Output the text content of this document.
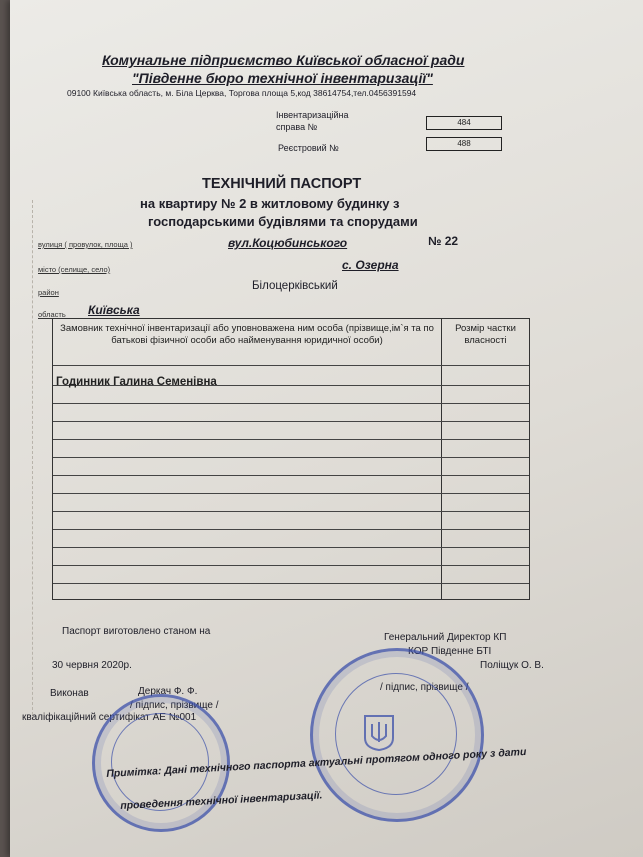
Комунальне підприємство Київської обласної ради
"Південне бюро технічної інвентаризації"
09100 Київська область, м. Біла Церква, Торгова площа 5,код 38614754,тел.0456391594
Інвентаризаційна
справа №	484
Реєстровий №	488
ТЕХНІЧНИЙ ПАСПОРТ
на квартиру № 2 в житловому будинку з
господарськими будівлями та спорудами
вулиця ( провулок, площа )	вул.Коцюбинського	№ 22
місто (селище, село)	с. Озерна
район
Білоцерківський
область Київська
Замовник технічної інвентаризації або уповноважена ним особа (прізвище,ім`я та по батькові фізичної особи або найменування юридичної особи)
Розмір частки власності
Годинник Галина Семенівна
Паспорт виготовлено станом на
30 червня 2020р.
Генеральний Директор КП
КОР Південне БТІ
Поліщук О. В.
/ підпис, прізвище /
Виконав	Деркач Ф. Ф.
/ підпис, прізвище /
кваліфікаційний сертифікат АЕ №001
Примітка: Дані технічного паспорта актуальні протягом одного року з дати
проведення технічної інвентаризації.
